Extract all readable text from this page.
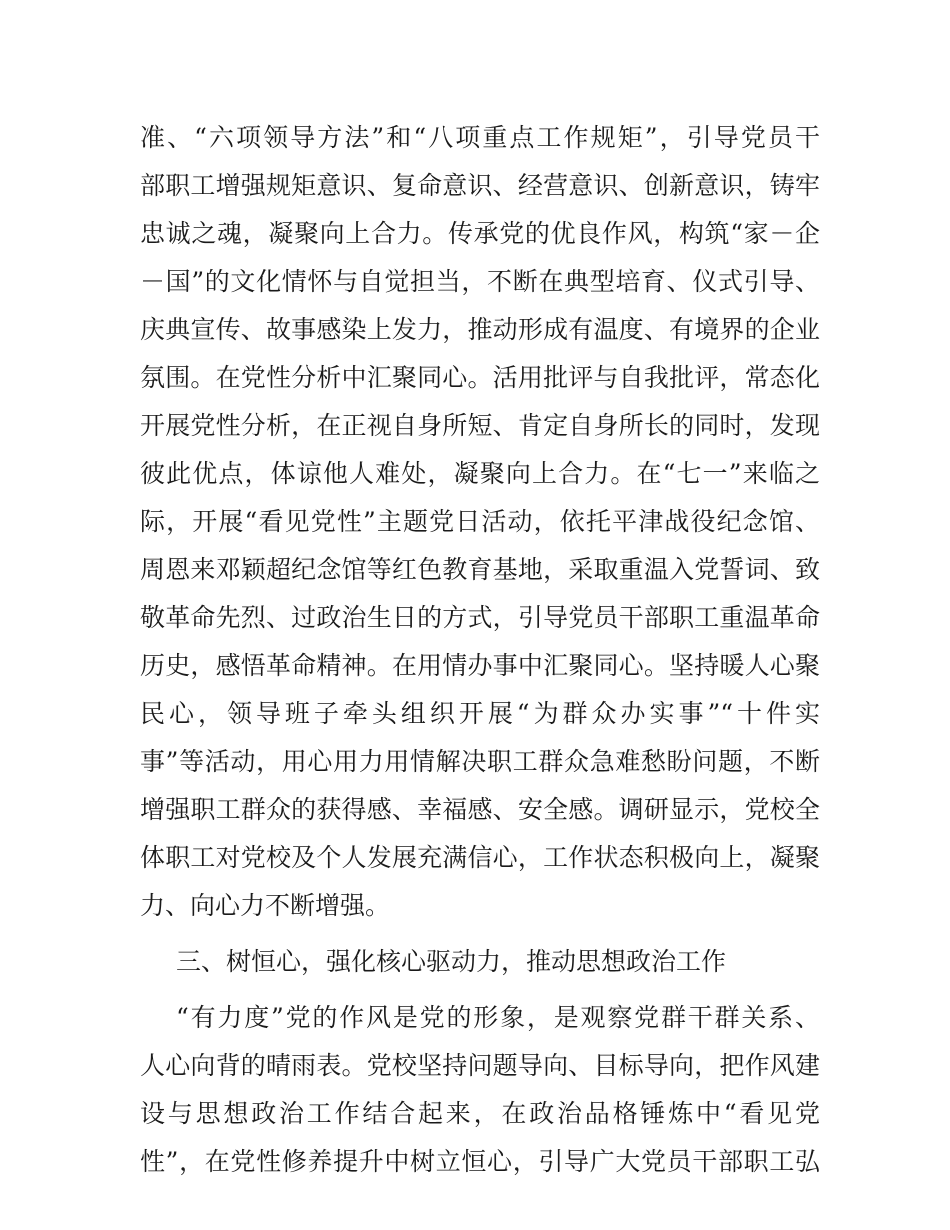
准、“六项领导方法”和“八项重点工作规矩”，引导党员干
部职工增强规矩意识、复命意识、经营意识、创新意识，铸牢
忠诚之魂，凝聚向上合力。传承党的优良作风，构筑“家－企
－国”的文化情怀与自觉担当，不断在典型培育、仪式引导、
庆典宣传、故事感染上发力，推动形成有温度、有境界的企业
氛围。在党性分析中汇聚同心。活用批评与自我批评，常态化
开展党性分析，在正视自身所短、肯定自身所长的同时，发现
彼此优点，体谅他人难处，凝聚向上合力。在“七一”来临之
际，开展“看见党性”主题党日活动，依托平津战役纪念馆、
周恩来邓颖超纪念馆等红色教育基地，采取重温入党誓词、致
敬革命先烈、过政治生日的方式，引导党员干部职工重温革命
历史，感悟革命精神。在用情办事中汇聚同心。坚持暖人心聚
民心，领导班子牵头组织开展“为群众办实事”“十件实
事”等活动，用心用力用情解决职工群众急难愁盼问题，不断
增强职工群众的获得感、幸福感、安全感。调研显示，党校全
体职工对党校及个人发展充满信心，工作状态积极向上，凝聚
力、向心力不断增强。
三、树恒心，强化核心驱动力，推动思想政治工作
“有力度”党的作风是党的形象，是观察党群干群关系、
人心向背的晴雨表。党校坚持问题导向、目标导向，把作风建
设与思想政治工作结合起来，在政治品格锤炼中“看见党
性”，在党性修养提升中树立恒心，引导广大党员干部职工弘
